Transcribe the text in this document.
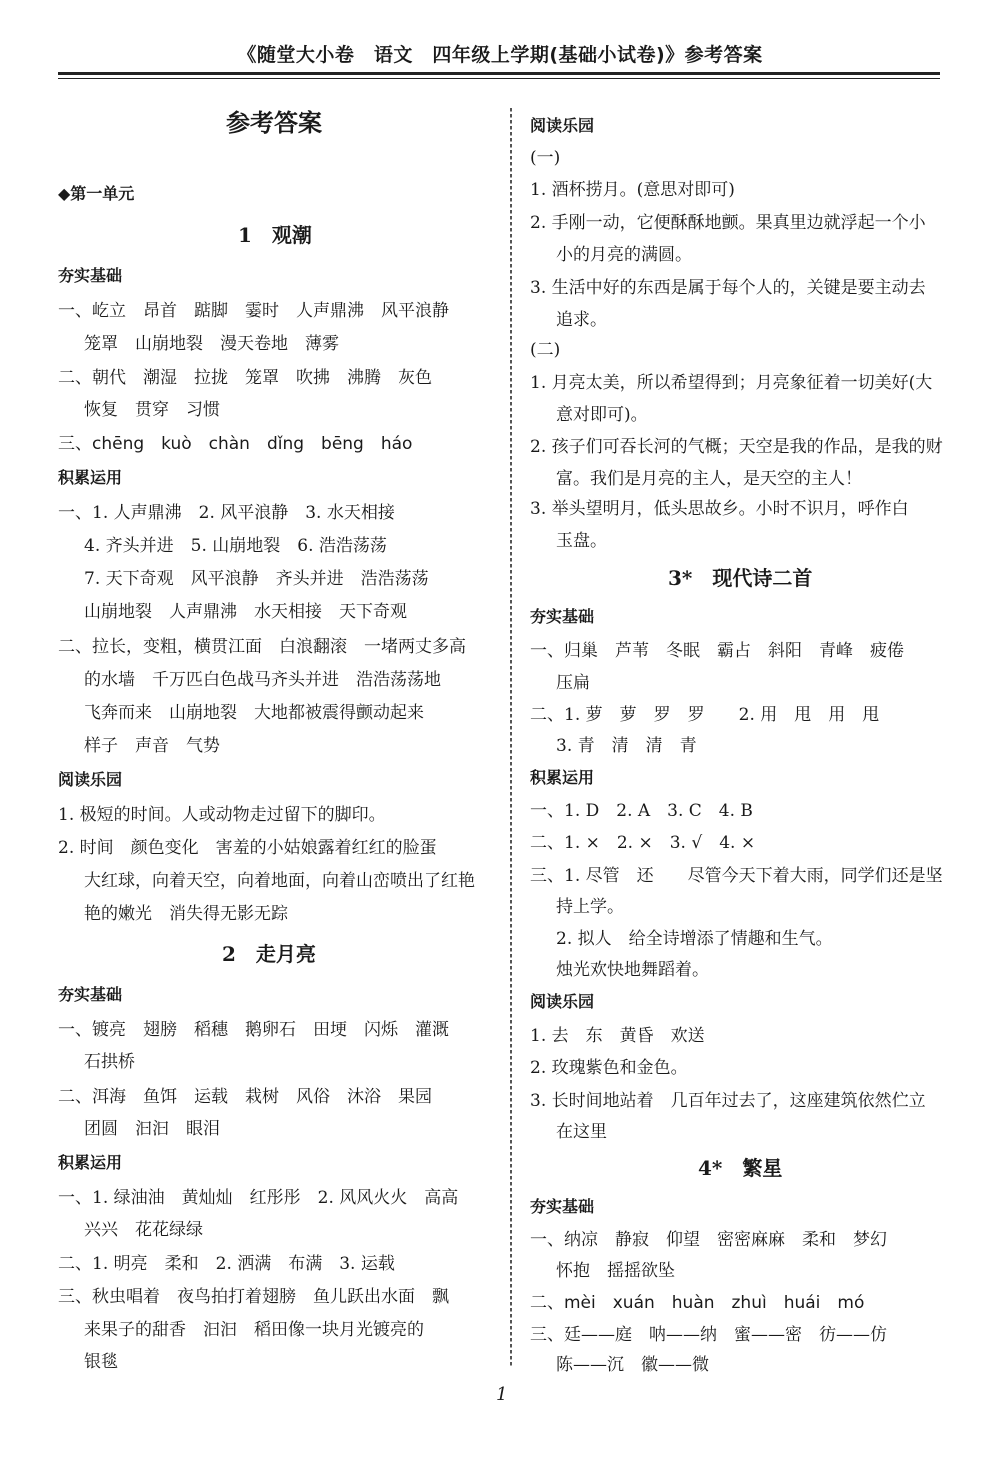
《随堂大小卷　语文　四年级上学期(基础小试卷)》参考答案
参考答案
◆第一单元
1　观潮
夯实基础
一、屹立　昂首　踮脚　霎时　人声鼎沸　风平浪静
笼罩　山崩地裂　漫天卷地　薄雾
二、朝代　潮湿　拉拢　笼罩　吹拂　沸腾　灰色
恢复　贯穿　习惯
三、chēng　kuò　chàn　dǐng　bēng　háo
积累运用
一、1. 人声鼎沸　2. 风平浪静　3. 水天相接
4. 齐头并进　5. 山崩地裂　6. 浩浩荡荡
7. 天下奇观　风平浪静　齐头并进　浩浩荡荡
山崩地裂　人声鼎沸　水天相接　天下奇观
二、拉长，变粗，横贯江面　白浪翻滚　一堵两丈多高
的水墙　千万匹白色战马齐头并进　浩浩荡荡地
飞奔而来　山崩地裂　大地都被震得颤动起来
样子　声音　气势
阅读乐园
1. 极短的时间。人或动物走过留下的脚印。
2. 时间　颜色变化　害羞的小姑娘露着红红的脸蛋
大红球，向着天空，向着地面，向着山峦喷出了红艳
艳的嫩光　消失得无影无踪
2　走月亮
夯实基础
一、镀亮　翅膀　稻穗　鹅卵石　田埂　闪烁　灌溉
石拱桥
二、洱海　鱼饵　运载　栽树　风俗　沐浴　果园
团圆　汩汩　眼泪
积累运用
一、1. 绿油油　黄灿灿　红彤彤　2. 风风火火　高高
兴兴　花花绿绿
二、1. 明亮　柔和　2. 洒满　布满　3. 运载
三、秋虫唱着　夜鸟拍打着翅膀　鱼儿跃出水面　飘
来果子的甜香　汩汩　稻田像一块月光镀亮的
银毯
阅读乐园
(一)
1. 酒杯捞月。(意思对即可)
2. 手刚一动，它便酥酥地颤。果真里边就浮起一个小
小的月亮的满圆。
3. 生活中好的东西是属于每个人的，关键是要主动去
追求。
(二)
1. 月亮太美，所以希望得到；月亮象征着一切美好(大
意对即可)。
2. 孩子们可吞长河的气概；天空是我的作品，是我的财
富。我们是月亮的主人，是天空的主人！
3. 举头望明月，低头思故乡。小时不识月，呼作白
玉盘。
3*　现代诗二首
夯实基础
一、归巢　芦苇　冬眠　霸占　斜阳　青峰　疲倦
压扁
二、1. 萝　萝　罗　罗　　2. 用　甩　用　甩
3. 青　清　清　青
积累运用
一、1. D　2. A　3. C　4. B
二、1. ×　2. ×　3. √　4. ×
三、1. 尽管　还　　尽管今天下着大雨，同学们还是坚
持上学。
2. 拟人　给全诗增添了情趣和生气。
烛光欢快地舞蹈着。
阅读乐园
1. 去　东　黄昏　欢送
2. 玫瑰紫色和金色。
3. 长时间地站着　几百年过去了，这座建筑依然伫立
在这里
4*　繁星
夯实基础
一、纳凉　静寂　仰望　密密麻麻　柔和　梦幻
怀抱　摇摇欲坠
二、mèi　xuán　huàn　zhuì　huái　mó
三、廷——庭　呐——纳　蜜——密　彷——仿
陈——沉　徽——微
1
